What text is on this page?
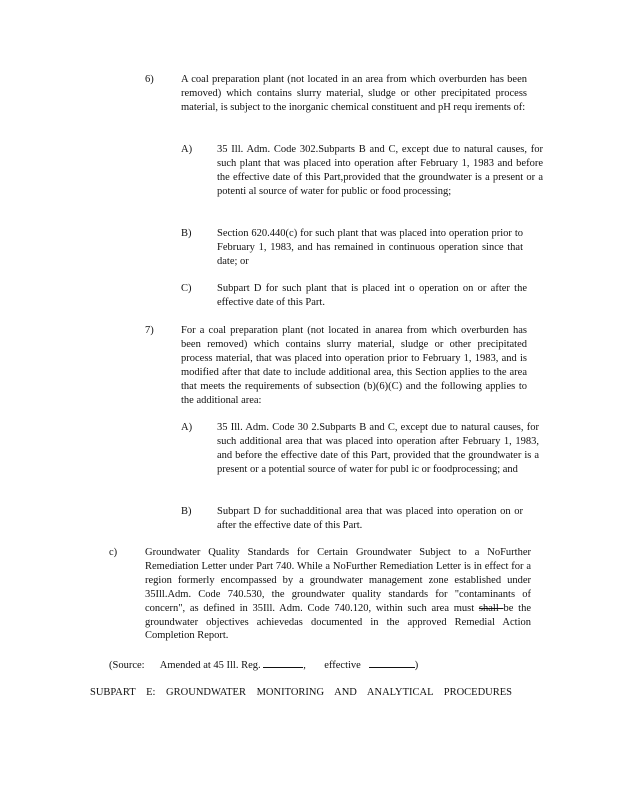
6)	A coal preparation plant (not located in an area from which overburden has been removed) which contains slurry material, sludge or other precipitated process material, is subject to the inorganic chemical constituent and pH requ irements of:
A) 35 Ill. Adm. Code 302.Subparts B and C, except due to natural causes, for such plant that was placed into operation after February 1, 1983 and before the effective date of this Part,provided that the groundwater is a present or a potenti al source of water for public or food processing;
B) Section 620.440(c) for such plant that was placed into operation prior to February 1, 1983, and has remained in continuous operation since that date; or
C) Subpart D for such plant that is placed int o operation on or after the effective date of this Part.
7)	For a coal preparation plant (not located in anarea from which overburden has been removed) which contains slurry material, sludge or other precipitated process material, that was placed into operation prior to February 1, 1983, and is modified after that date to include additional area, this Section applies to the area that meets the requirements of subsection (b)(6)(C) and the following applies to the additional area:
A) 35 Ill. Adm. Code 30 2.Subparts B and C, except due to natural causes, for such additional area that was placed into operation after February 1, 1983, and before the effective date of this Part, provided that the groundwater is a present or a potential source of water for publ ic or foodprocessing; and
B) Subpart D for suchadditional area that was placed into operation on or after the effective date of this Part.
c)	Groundwater Quality Standards for Certain Groundwater Subject to a NoFurther Remediation Letter under Part 740. While a NoFurther Remediation Letter is in effect for a region formerly encompassed by a groundwater management zone established under 35Ill.Adm. Code 740.530, the groundwater quality standards for "contaminants of concern", as defined in 35Ill. Adm. Code 740.120, within such area must shall be the groundwater objectives achievedas documented in the approved Remedial Action Completion Report.
(Source: Amended at 45 Ill. Reg.	, effective	)
SUBPART E: GROUNDWATER MONITORING AND ANALYTICAL PROCEDURES
